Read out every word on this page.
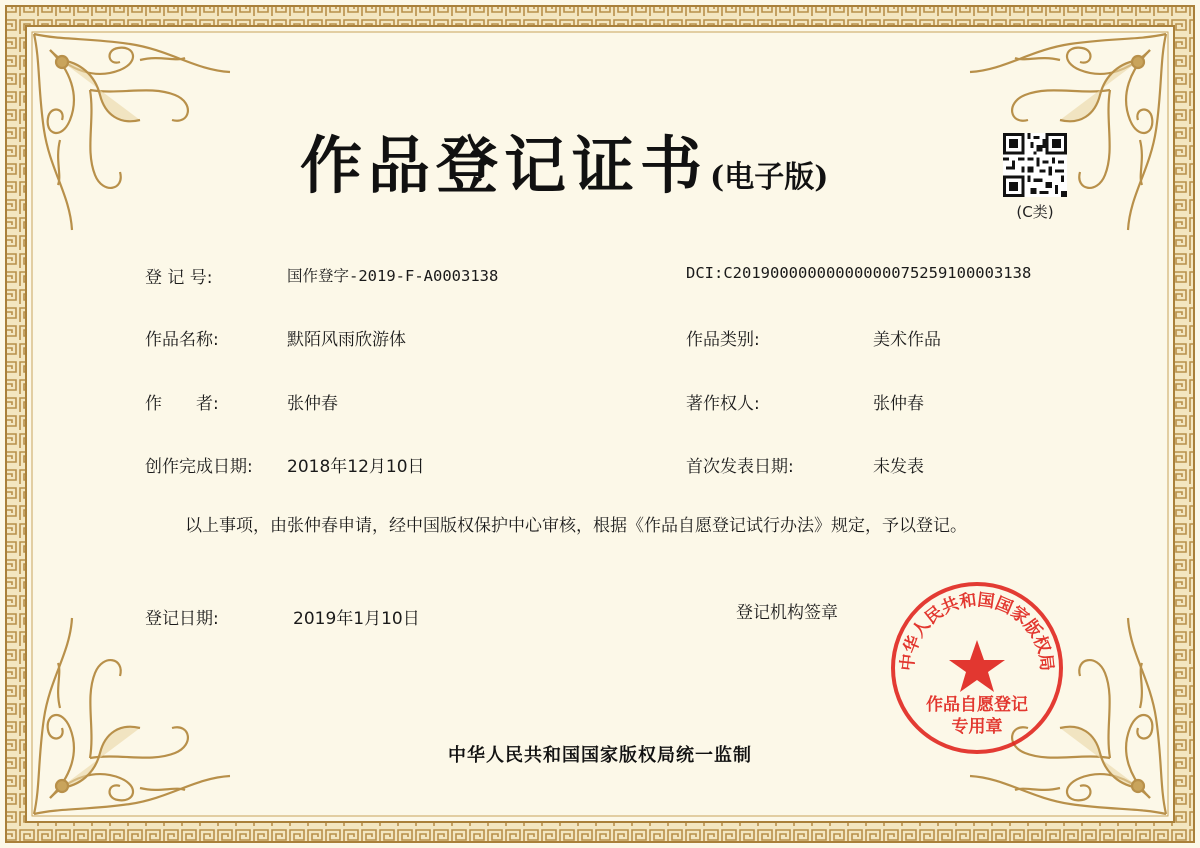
作品登记证书(电子版)
(C类)
登 记 号:	国作登字-2019-F-A0003138	DCI:C20190000000000000075259100003138
作品名称:	默陌风雨欣游体	作品类别:	美术作品
作　　者:	张仲春	著作权人:	张仲春
创作完成日期: 2018年12月10日	首次发表日期:	未发表
以上事项，由张仲春申请，经中国版权保护中心审核，根据《作品自愿登记试行办法》规定，予以登记。
登记日期:	2019年1月10日	登记机构签章
中华人民共和国国家版权局
作品自愿登记
专用章
中华人民共和国国家版权局统一监制
